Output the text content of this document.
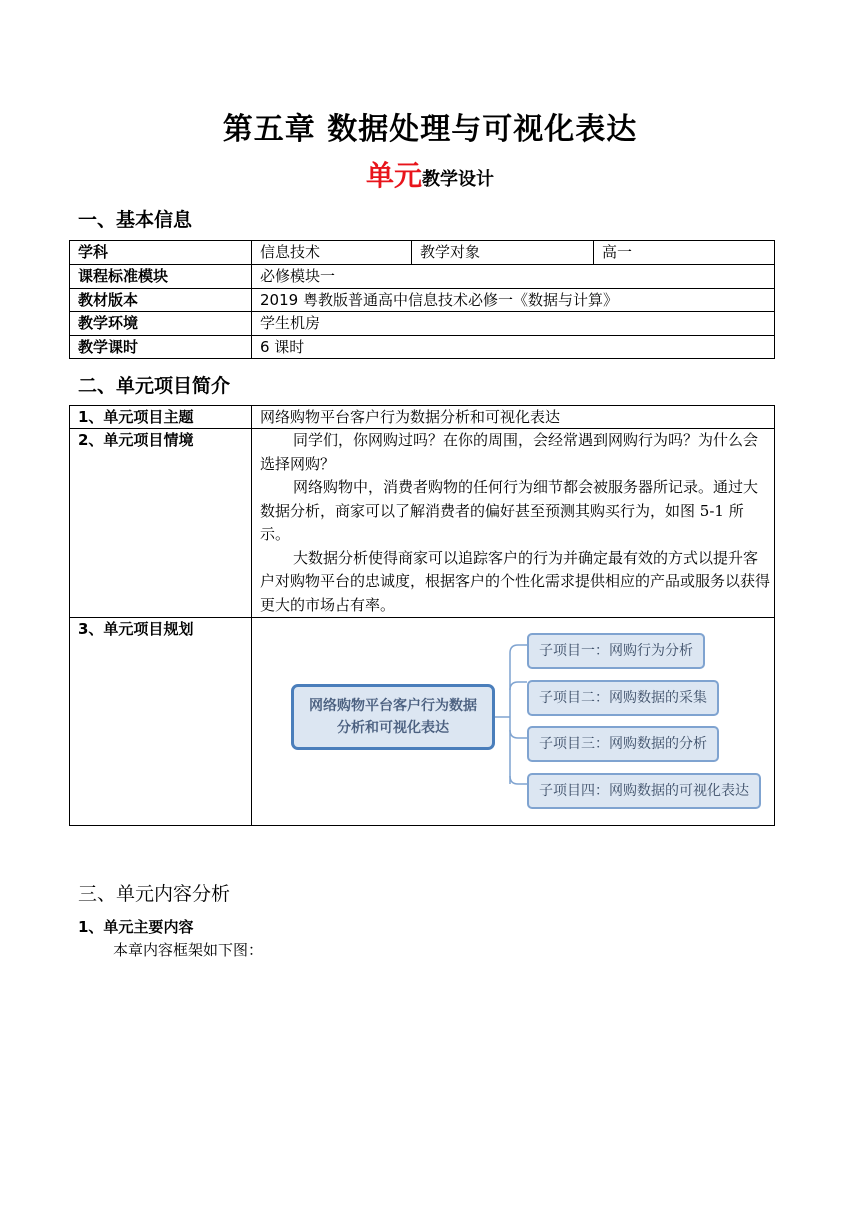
第五章 数据处理与可视化表达
单元教学设计
一、基本信息
学科	信息技术	教学对象	高一
课程标准模块	必修模块一		
教材版本	2019 粤教版普通高中信息技术必修一《数据与计算》		
教学环境	学生机房		
教学课时	6 课时		
二、单元项目简介
1、单元项目主题	网络购物平台客户行为数据分析和可视化表达
2、单元项目情境	同学们，你网购过吗？在你的周围，会经常遇到网购行为吗？为什么会选择网购？

网络购物中，消费者购物的任何行为细节都会被服务器所记录。通过大数据分析，商家可以了解消费者的偏好甚至预测其购买行为，如图 5-1 所示。

大数据分析使得商家可以追踪客户的行为并确定最有效的方式以提升客户对购物平台的忠诚度，根据客户的个性化需求提供相应的产品或服务以获得更大的市场占有率。

3、单元项目规划	网络购物平台客户行为数据分析和可视化表达
子项目一：网购行为分析
子项目二：网购数据的采集
子项目三：网购数据的分析
子项目四：网购数据的可视化表达
三、单元内容分析
1、单元主要内容
本章内容框架如下图：
